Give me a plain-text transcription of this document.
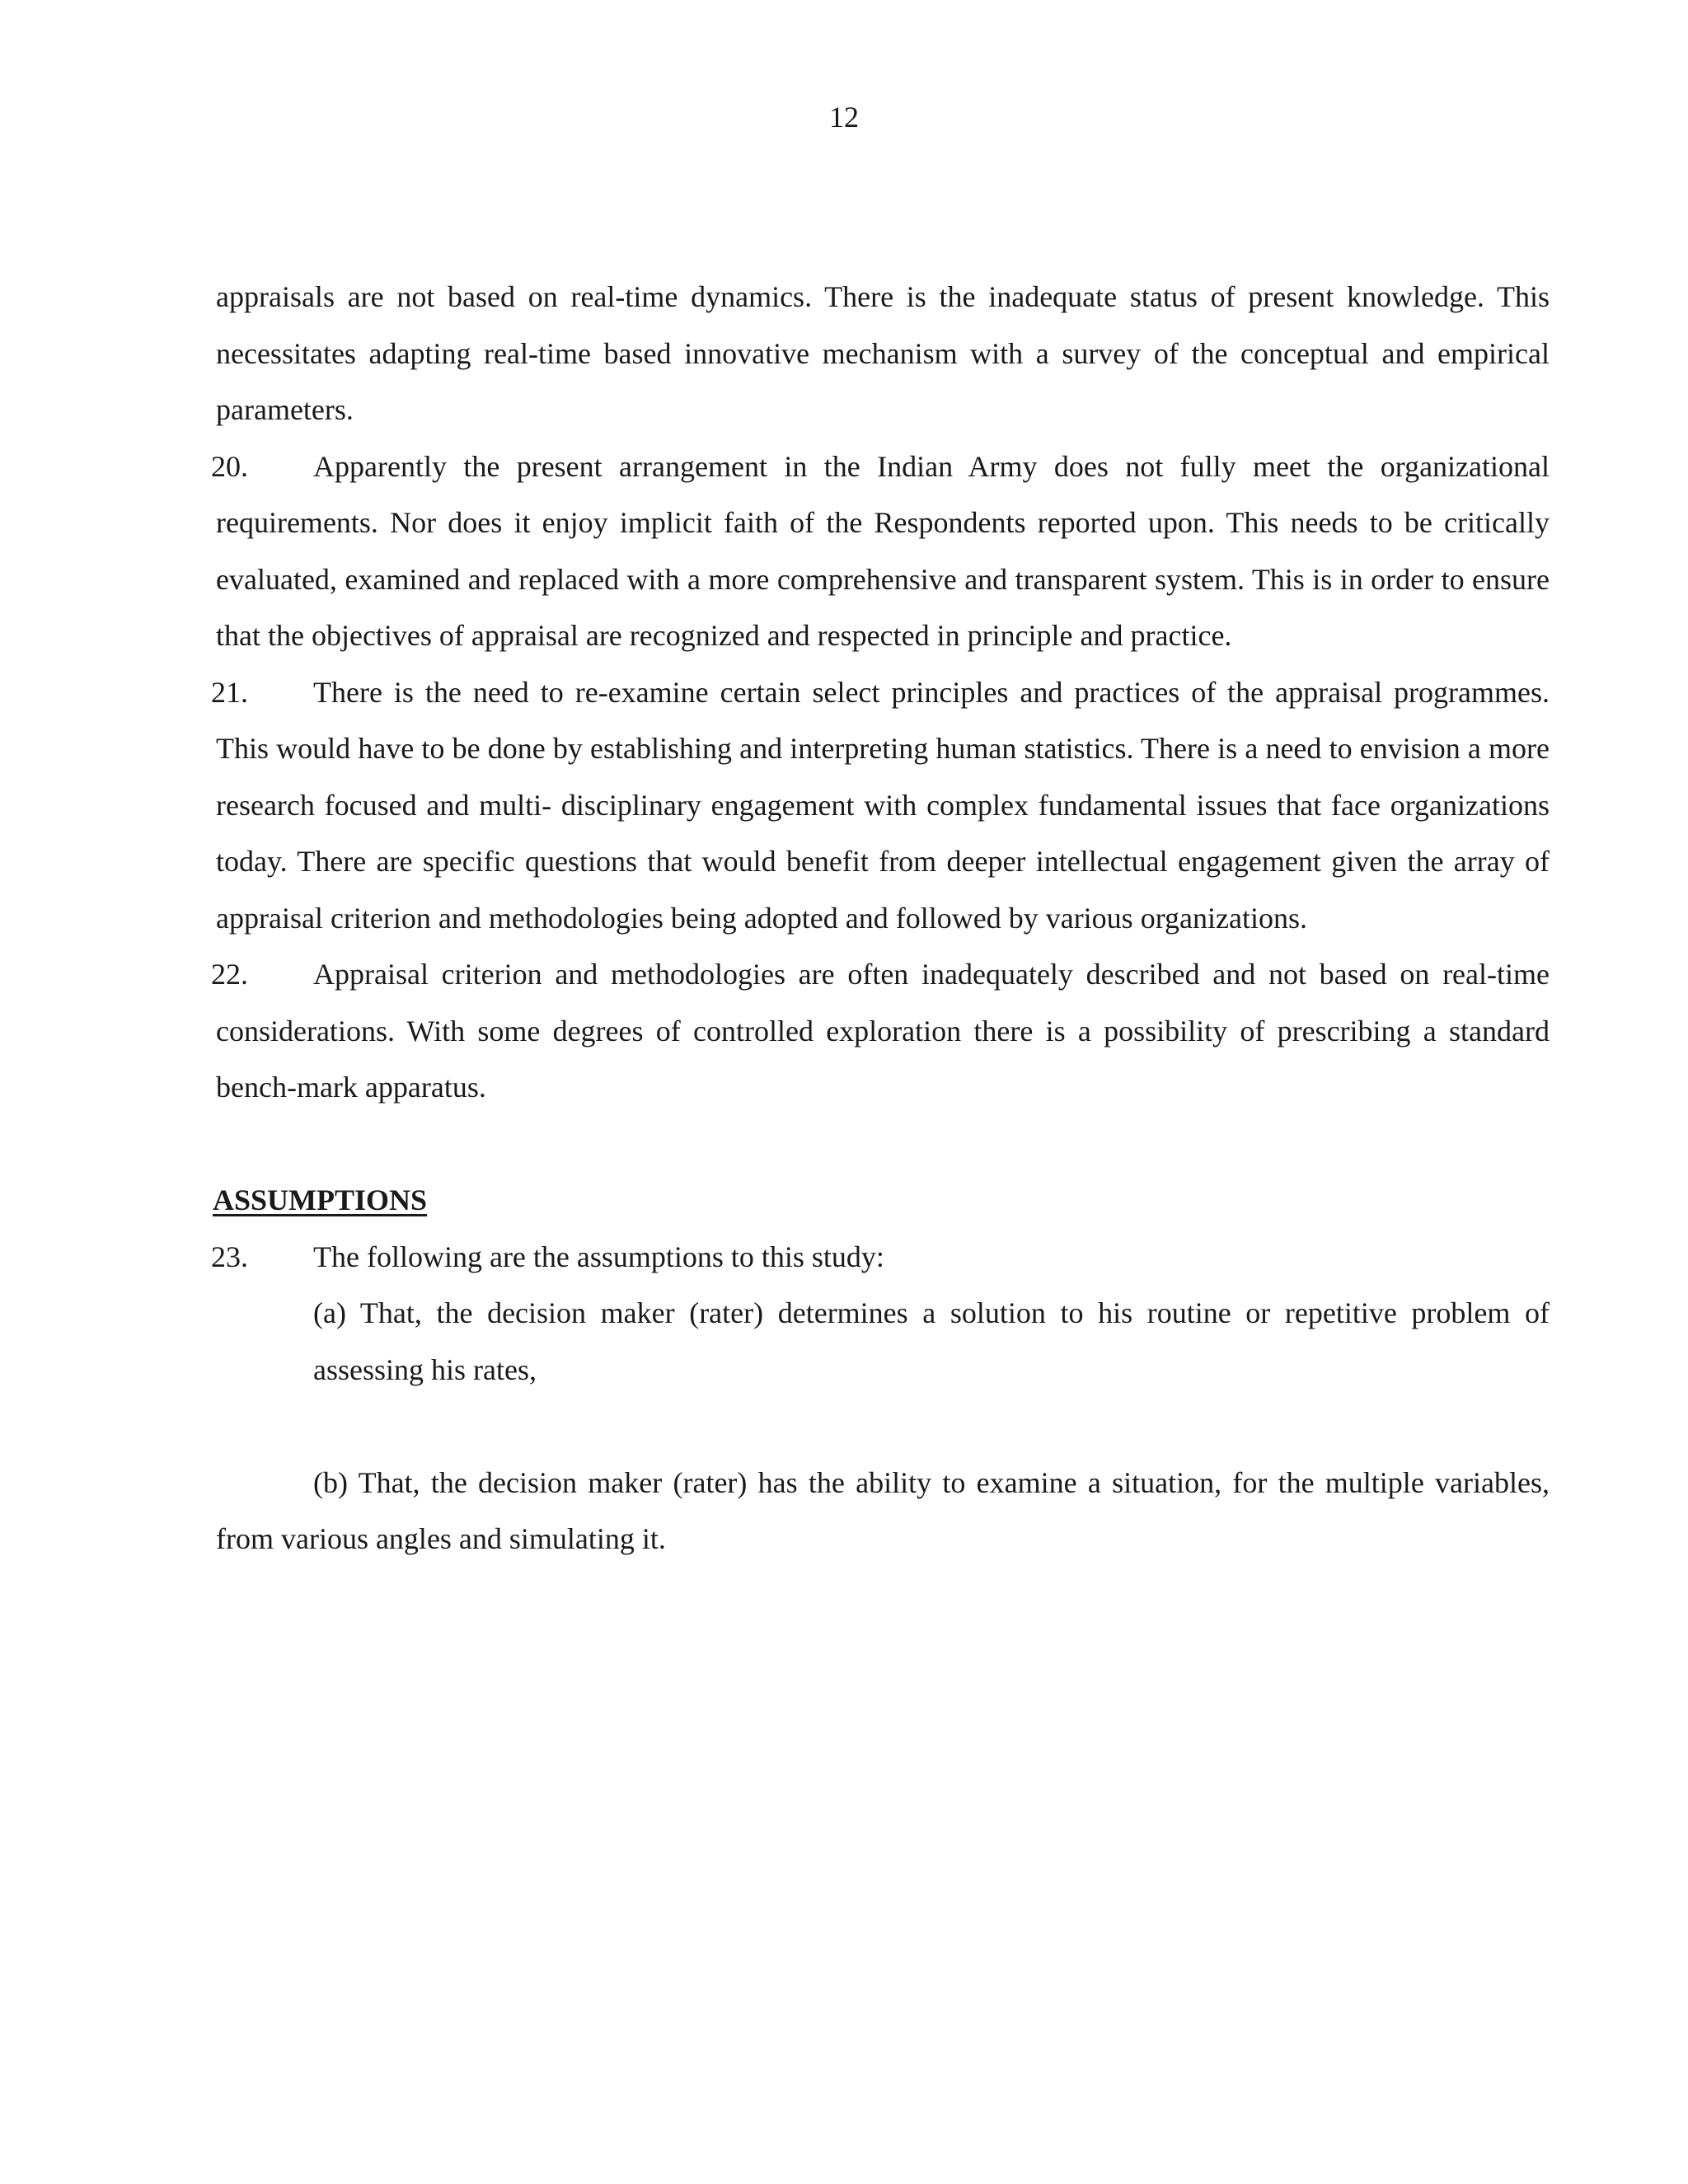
12

appraisals are not based on real-time dynamics. There is the inadequate status of present knowledge. This necessitates adapting real-time based innovative mechanism with a survey of the conceptual and empirical parameters.

20. Apparently the present arrangement in the Indian Army does not fully meet the organizational requirements. Nor does it enjoy implicit faith of the Respondents reported upon. This needs to be critically evaluated, examined and replaced with a more comprehensive and transparent system. This is in order to ensure that the objectives of appraisal are recognized and respected in principle and practice.

21. There is the need to re-examine certain select principles and practices of the appraisal programmes. This would have to be done by establishing and interpreting human statistics. There is a need to envision a more research focused and multi- disciplinary engagement with complex fundamental issues that face organizations today. There are specific questions that would benefit from deeper intellectual engagement given the array of appraisal criterion and methodologies being adopted and followed by various organizations.

22. Appraisal criterion and methodologies are often inadequately described and not based on real-time considerations. With some degrees of controlled exploration there is a possibility of prescribing a standard bench-mark apparatus.

ASSUMPTIONS

23. The following are the assumptions to this study:

(a) That, the decision maker (rater) determines a solution to his routine or repetitive problem of assessing his rates,

(b) That, the decision maker (rater) has the ability to examine a situation, for the multiple variables, from various angles and simulating it.
